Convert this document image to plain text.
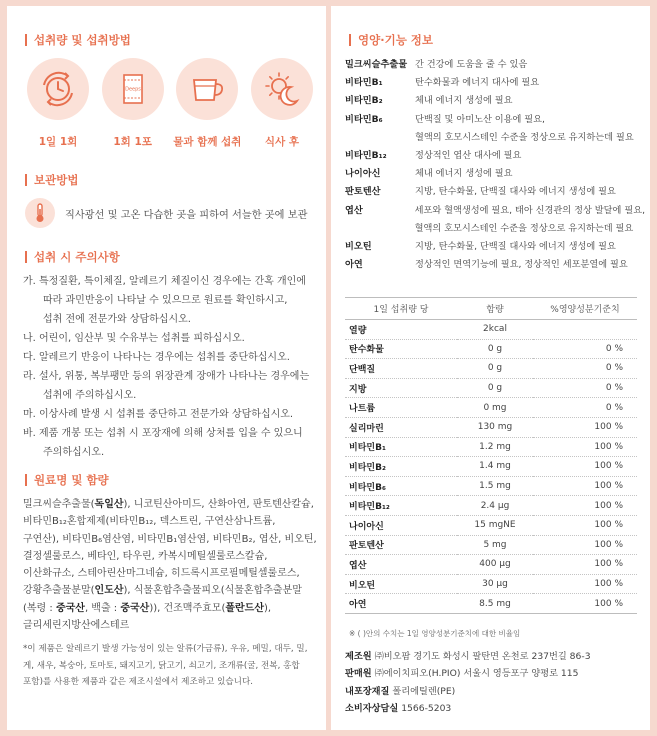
섭취량 및 섭취방법
1일 1회
Deeps
1회 1포 물과 함께 섭취 식사 후
보관방법
직사광선 및 고온 다습한 곳을 피하여 서늘한 곳에 보관
섭취 시 주의사항
가. 특정질환, 특이체질, 알레르기 체질이신 경우에는 간혹 개인에
따라 과민반응이 나타날 수 있으므로 원료를 확인하시고,
섭취 전에 전문가와 상담하십시오.
나. 어린이, 임산부 및 수유부는 섭취를 피하십시오.
다. 알레르기 반응이 나타나는 경우에는 섭취를 중단하십시오.
라. 설사, 위통, 복부팽만 등의 위장관계 장애가 나타나는 경우에는
섭취에 주의하십시오.
마. 이상사례 발생 시 섭취를 중단하고 전문가와 상담하십시오.
바. 제품 개봉 또는 섭취 시 포장재에 의해 상처를 입을 수 있으니
주의하십시오.
원료명 및 함량
밀크씨슬추출물(독일산), 니코틴산아미드, 산화아연, 판토텐산칼슘,
비타민B₁₂혼합제제(비타민B₁₂, 덱스트린, 구연산삼나트륨,
구연산), 비타민B₆염산염, 비타민B₁염산염, 비타민B₂, 엽산, 비오틴,
결정셀룰로스, 베타인, 타우린, 카복시메틸셀룰로스칼슘,
이산화규소, 스테아린산마그네슘, 히드록시프로필메틸셀룰로스,
강황추출물분말(인도산), 식물혼합추출물피오(식물혼합추출분말
(복령 : 중국산, 백출 : 중국산)), 건조맥주효모(폴란드산),
글리세린지방산에스테르
*이 제품은 알레르기 발생 가능성이 있는 알류(가금류), 우유, 메밀, 대두, 밀,
게, 새우, 복숭아, 토마토, 돼지고기, 닭고기, 쇠고기, 조개류(굴, 전복, 홍합
포함)를 사용한 제품과 같은 제조시설에서 제조하고 있습니다.
영양·기능 정보
밀크씨슬추출물 간 건강에 도움을 줄 수 있음
비타민B₁	탄수화물과 에너지 대사에 필요
비타민B₂	체내 에너지 생성에 필요
비타민B₆	단백질 및 아미노산 이용에 필요,
혈액의 호모시스테인 수준을 정상으로 유지하는데 필요
비타민B₁₂	정상적인 엽산 대사에 필요
나이아신	체내 에너지 생성에 필요
판토텐산	지방, 탄수화물, 단백질 대사와 에너지 생성에 필요
엽산	세포와 혈액생성에 필요, 태아 신경관의 정상 발달에 필요,
혈액의 호모시스테인 수준을 정상으로 유지하는데 필요
비오틴	지방, 탄수화물, 단백질 대사와 에너지 생성에 필요
아연	정상적인 면역기능에 필요, 정상적인 세포분열에 필요
1일 섭취량 당	함량	%영양성분기준치
열량	2kcal	
탄수화물	0 g	0 %
단백질	0 g	0 %
지방	0 g	0 %
나트륨	0 mg	0 %
실리마린	130 mg	100 %
비타민B₁	1.2 mg	100 %
비타민B₂	1.4 mg	100 %
비타민B₆	1.5 mg	100 %
비타민B₁₂	2.4 μg	100 %
나이아신	15 mgNE	100 %
판토텐산	5 mg	100 %
엽산	400 μg	100 %
비오틴	30 μg	100 %
아연	8.5 mg	100 %
※ ( )안의 수치는 1일 영양성분기준치에 대한 비율임
제조원 ㈜비오팜 경기도 화성시 팔탄면 온천로 237번길 86-3
판매원 ㈜에이치피오(H.PIO) 서울시 영등포구 양평로 115
내포장재질 폴리에틸렌(PE)
소비자상담실 1566-5203
